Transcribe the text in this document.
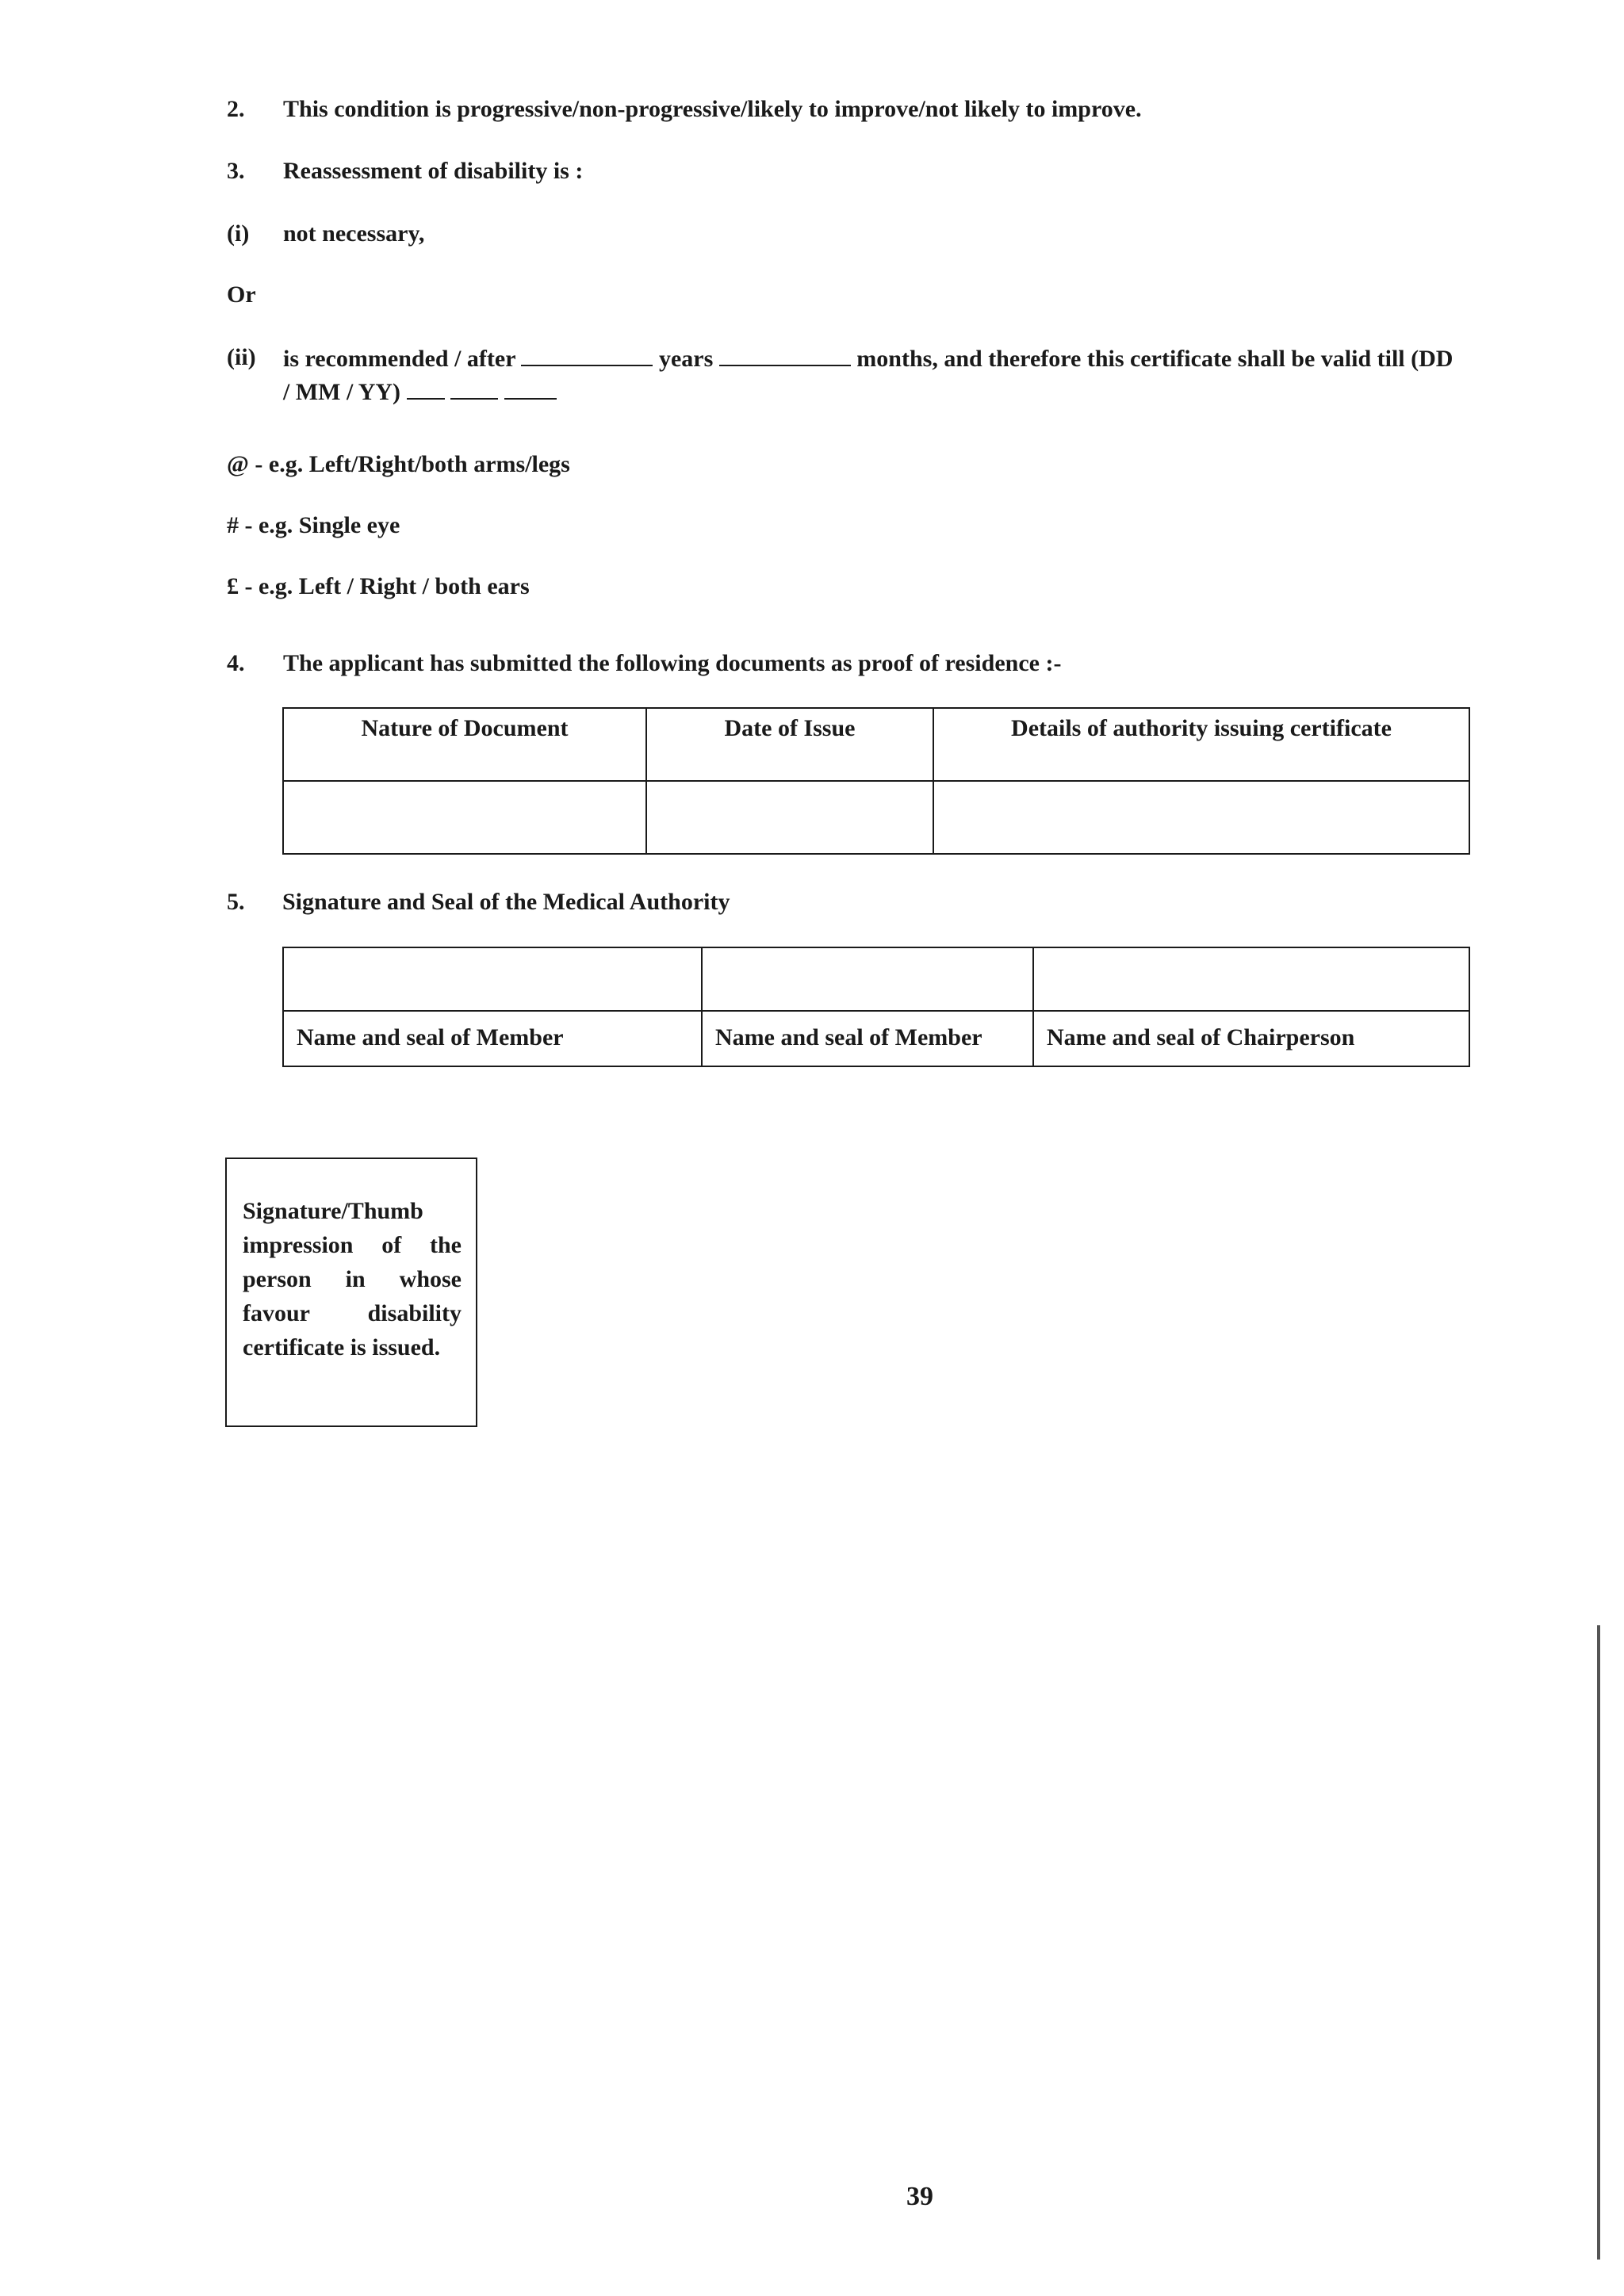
2. This condition is progressive/non-progressive/likely to improve/not likely to improve.
3. Reassessment of disability is :
(i) not necessary,
Or
(ii) is recommended / after	years	months, and therefore this certificate shall be valid till (DD
/ MM / YY)
@ - e.g. Left/Right/both arms/legs
# - e.g. Single eye
£ - e.g. Left / Right / both ears
4. The applicant has submitted the following documents as proof of residence :-
Nature of Document	Date of Issue	Details of authority issuing certificate

5. Signature and Seal of the Medical Authority

Name and seal of Member	Name and seal of Member	Name and seal of Chairperson
Signature/Thumb impression of the person in whose favour disability certificate is issued.
39
